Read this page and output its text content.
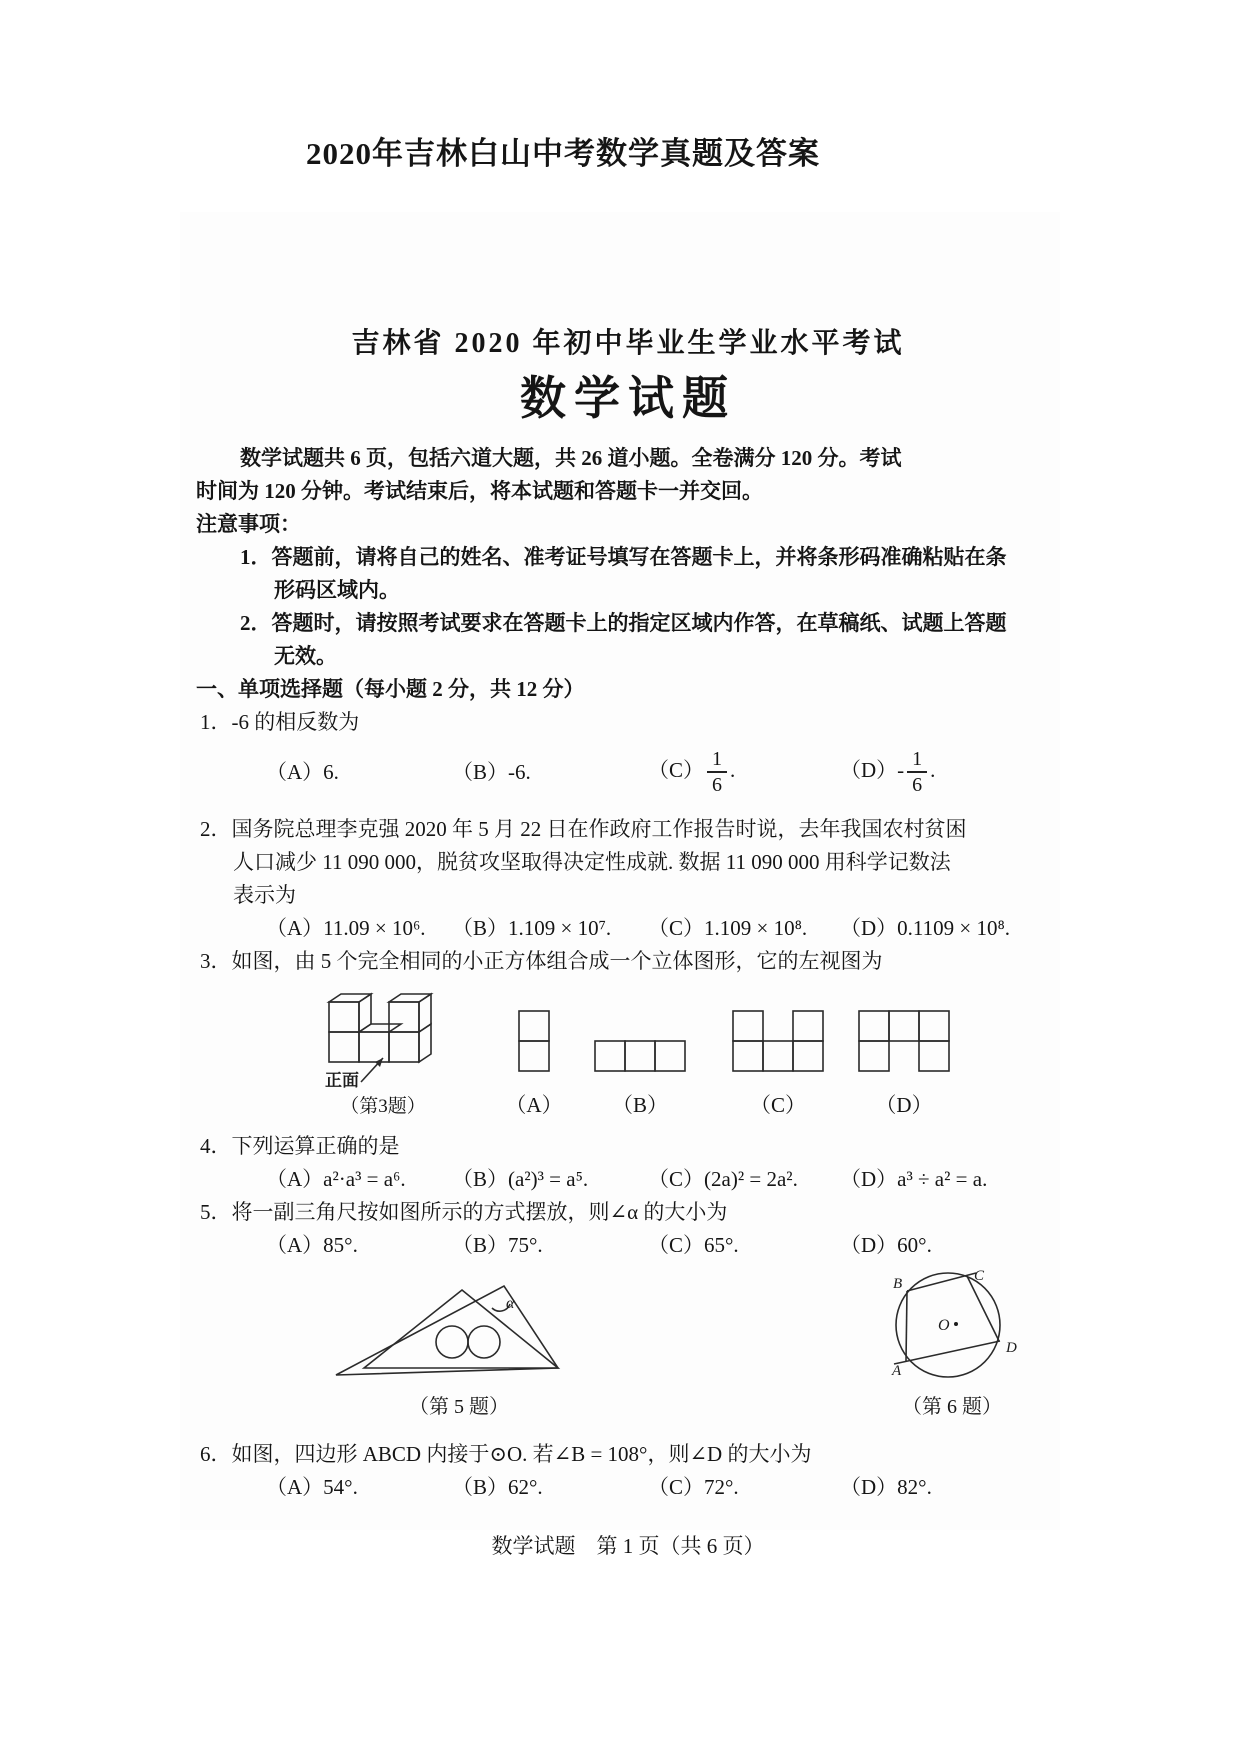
2020年吉林白山中考数学真题及答案
吉林省 2020 年初中毕业生学业水平考试
数学试题
数学试题共 6 页，包括六道大题，共 26 道小题。全卷满分 120 分。考试
时间为 120 分钟。考试结束后，将本试题和答题卡一并交回。
注意事项：
1．答题前，请将自己的姓名、准考证号填写在答题卡上，并将条形码准确粘贴在条
形码区域内。
2．答题时，请按照考试要求在答题卡上的指定区域内作答，在草稿纸、试题上答题
无效。
一、单项选择题（每小题 2 分，共 12 分）
1．-6 的相反数为
（A）6.	（B）-6.	$(C) \frac{1}{6}$ .	$(D)- \frac{1}{6}$ .
2．国务院总理李克强 2020 年 5 月 22 日在作政府工作报告时说，去年我国农村贫困
人口减少 11 090 000，脱贫攻坚取得决定性成就. 数据 11 090 000 用科学记数法
表示为
（A）11.09 × 10⁶.	（B）1.109 × 10⁷.	（C）1.109 × 10⁸.	（D）0.1109 × 10⁸.
3．如图，由 5 个完全相同的小正方体组合成一个立体图形，它的左视图为
正面
（第3题）	（A）	（B）	（C）	（D）
4．下列运算正确的是
（A）a²·a³ = a⁶.	（B）(a²)³ = a⁵.	（C）(2a)² = 2a².	（D）a³ ÷ a² = a.
5．将一副三角尺按如图所示的方式摆放，则∠α 的大小为
（A）85°.	（B）75°.	（C）65°.	（D）60°.
α
（第 5 题）
O
A
B	C
D
（第 6 题）
6．如图，四边形 ABCD 内接于⊙O. 若∠B = 108°，则∠D 的大小为
（A）54°.	（B）62°.	（C）72°.	（D）82°.
数学试题　第 1 页（共 6 页）
